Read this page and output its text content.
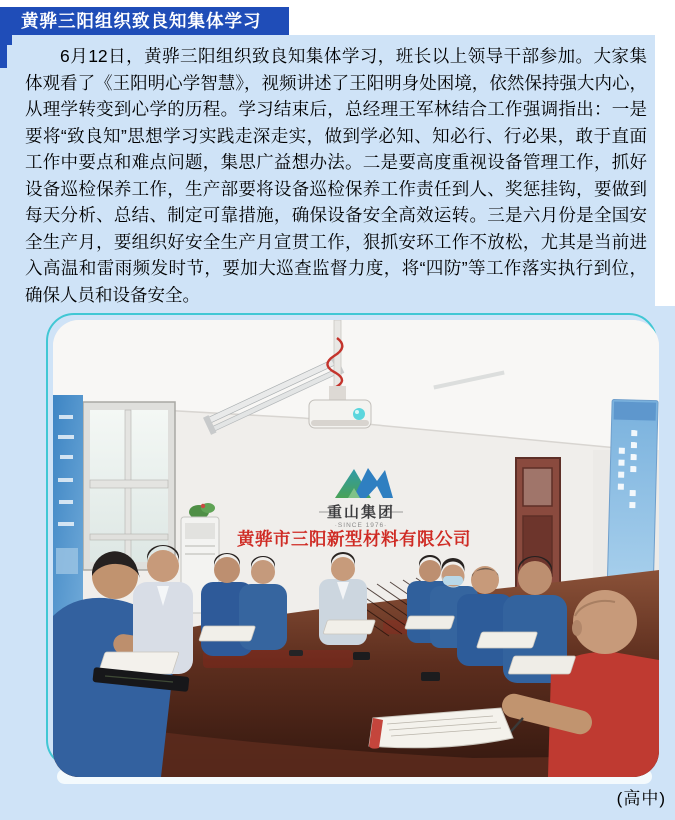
黄骅三阳组织致良知集体学习

6月12日，黄骅三阳组织致良知集体学习，班长以上领导干部参加。大家集体观看了《王阳明心学智慧》，视频讲述了王阳明身处困境，依然保持强大内心，从理学转变到心学的历程。学习结束后，总经理王军林结合工作强调指出：一是要将“致良知”思想学习实践走深走实，做到学必知、知必行、行必果，敢于直面工作中要点和难点问题，集思广益想办法。二是要高度重视设备管理工作，抓好设备巡检保养工作，生产部要将设备巡检保养工作责任到人、奖惩挂钩，要做到每天分析、总结、制定可靠措施，确保设备安全高效运转。三是六月份是全国安全生产月，要组织好安全生产月宣贯工作，狠抓安环工作不放松，尤其是当前进入高温和雷雨频发时节，要加大巡查监督力度，将“四防”等工作落实执行到位，确保人员和设备安全。

重山集团
·SINCE 1976·
黄骅市三阳新型材料有限公司
(高中)
